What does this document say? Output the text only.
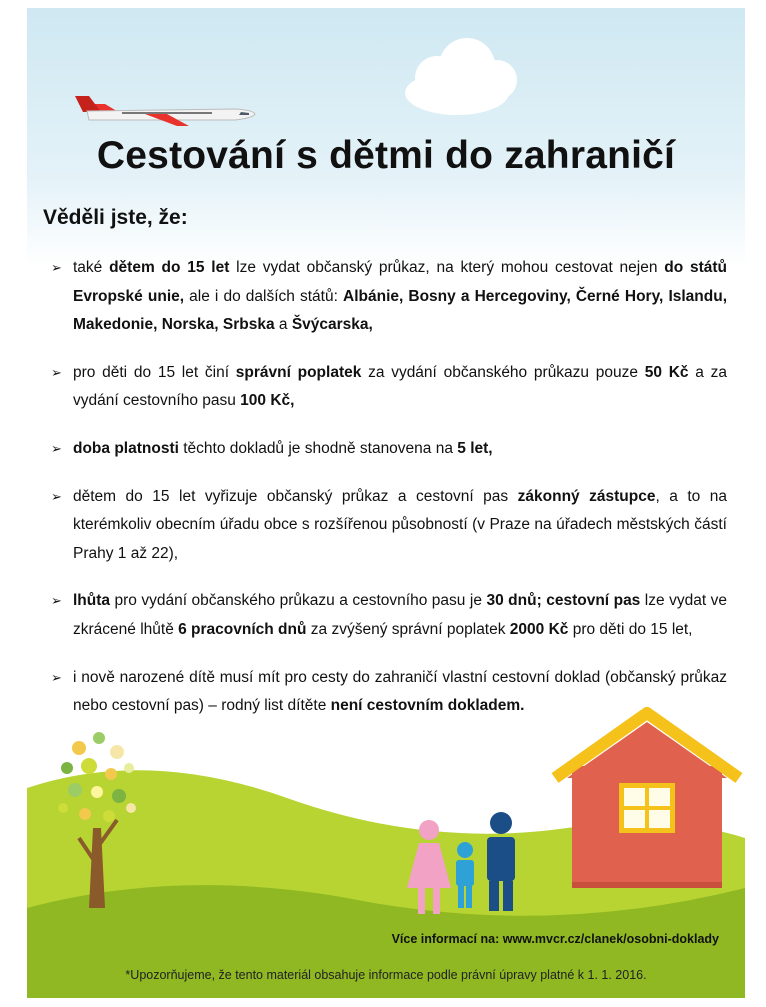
Cestování s dětmi do zahraničí
Věděli jste, že:
➢ také dětem do 15 let lze vydat občanský průkaz, na který mohou cestovat nejen do států Evropské unie, ale i do dalších států: Albánie, Bosny a Hercegoviny, Černé Hory, Islandu, Makedonie, Norska, Srbska a Švýcarska,
➢ pro děti do 15 let činí správní poplatek za vydání občanského průkazu pouze 50 Kč a za vydání cestovního pasu 100 Kč,
➢ doba platnosti těchto dokladů je shodně stanovena na 5 let,
➢ dětem do 15 let vyřizuje občanský průkaz a cestovní pas zákonný zástupce, a to na kterémkoliv obecním úřadu obce s rozšířenou působností (v Praze na úřadech městských částí Prahy 1 až 22),
➢ lhůta pro vydání občanského průkazu a cestovního pasu je 30 dnů; cestovní pas lze vydat ve zkrácené lhůtě 6 pracovních dnů za zvýšený správní poplatek 2000 Kč pro děti do 15 let,
➢ i nově narozené dítě musí mít pro cesty do zahraničí vlastní cestovní doklad (občanský průkaz nebo cestovní pas) – rodný list dítěte není cestovním dokladem.
Více informací na: www.mvcr.cz/clanek/osobni-doklady
*Upozorňujeme, že tento materiál obsahuje informace podle právní úpravy platné k 1. 1. 2016.
